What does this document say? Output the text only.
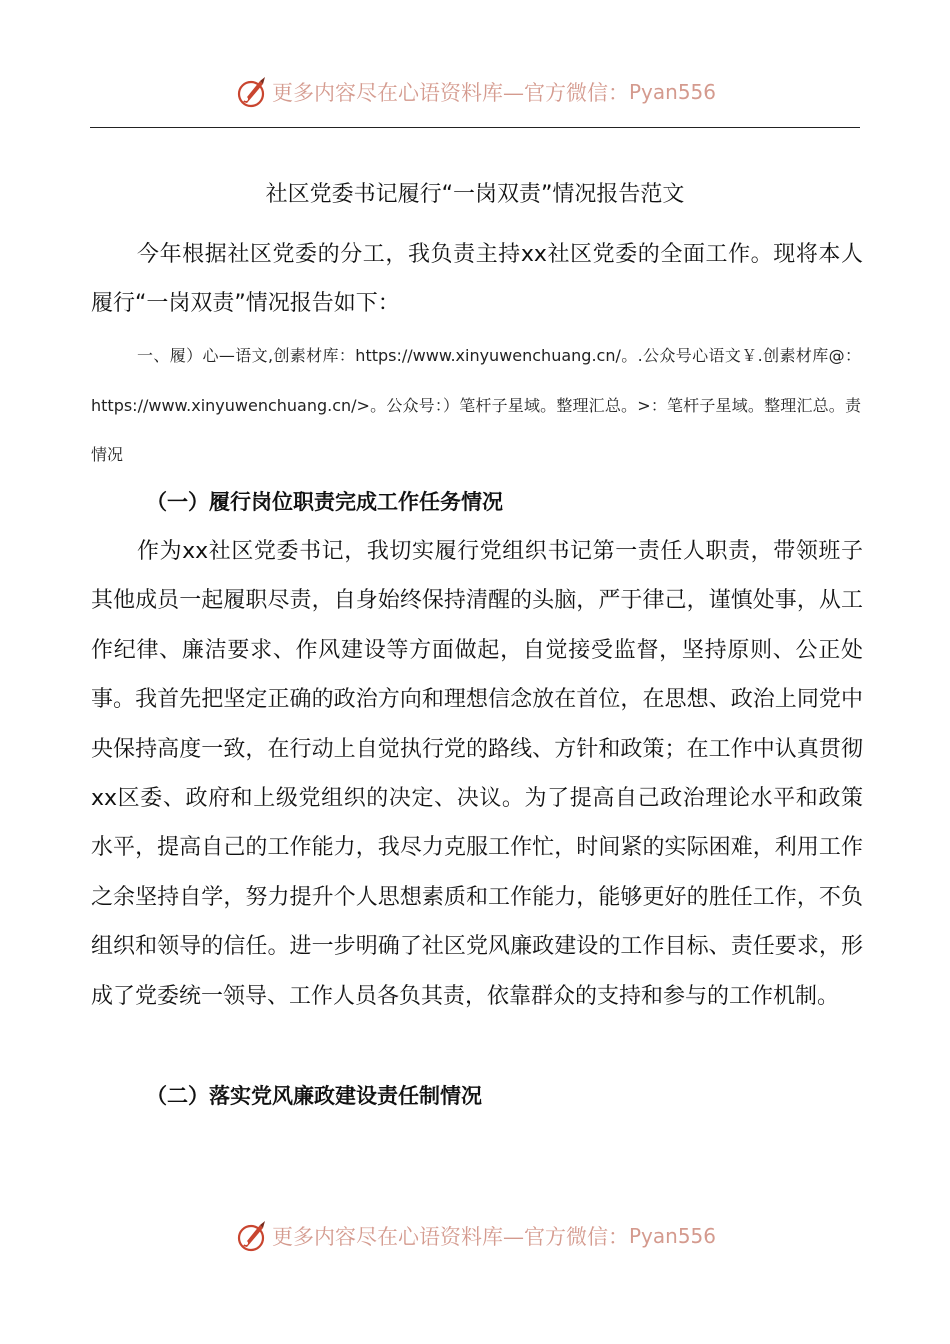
更多内容尽在心语资料库— 官方微信： Pyan556
社区党委书记履行“一岗双责”情况报告范文

今年根据社区党委的分工，我负责主持xx社区党委的全面工作。现将本人履行“一岗双责”情况报告如下：

一、履）心—语文,创素材库：https://www.xinyuwenchuang.cn/。.公众号心语文￥.创素材库@：https://www.xinyuwenchuang.cn/>。公众号：）笔杆子星域。整理汇总。>：笔杆子星域。整理汇总。责情况

（一）履行岗位职责完成工作任务情况

作为xx社区党委书记，我切实履行党组织书记第一责任人职责，带领班子其他成员一起履职尽责，自身始终保持清醒的头脑，严于律己，谨慎处事，从工作纪律、廉洁要求、作风建设等方面做起，自觉接受监督，坚持原则、公正处事。我首先把坚定正确的政治方向和理想信念放在首位，在思想、政治上同党中央保持高度一致，在行动上自觉执行党的路线、方针和政策；在工作中认真贯彻xx区委、政府和上级党组织的决定、决议。为了提高自己政治理论水平和政策水平，提高自己的工作能力，我尽力克服工作忙，时间紧的实际困难，利用工作之余坚持自学，努力提升个人思想素质和工作能力，能够更好的胜任工作，不负组织和领导的信任。进一步明确了社区党风廉政建设的工作目标、责任要求，形成了党委统一领导、工作人员各负其责，依靠群众的支持和参与的工作机制。

（二）落实党风廉政建设责任制情况
更多内容尽在心语资料库— 官方微信： Pyan556
